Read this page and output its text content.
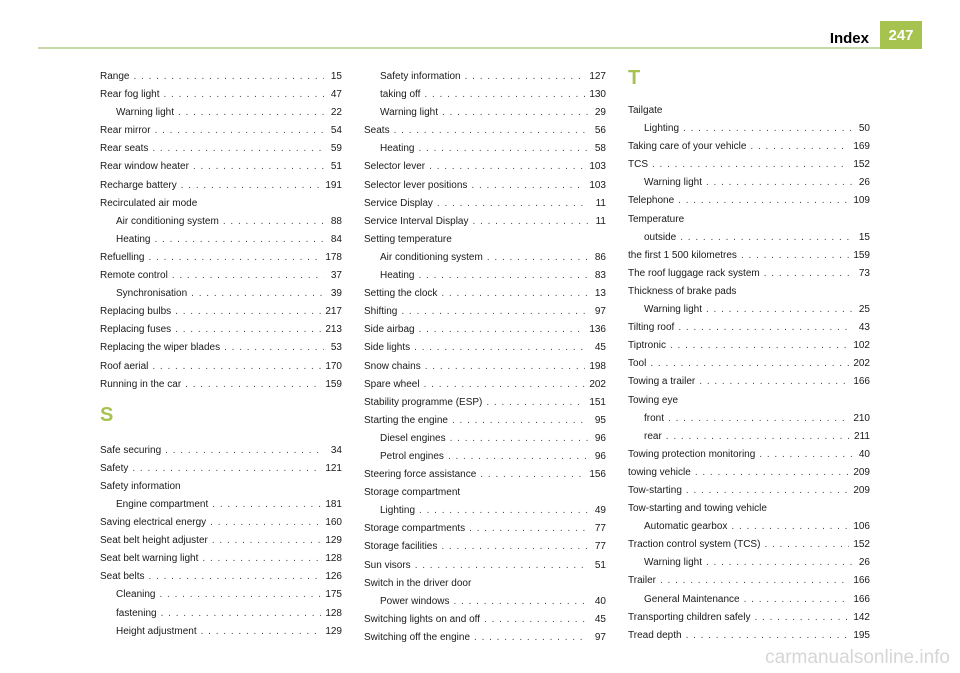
Index 247
Range . . .	15
Rear fog light . . .	47
Warning light . . .	22
Rear mirror . . .	54
Rear seats . . .	59
Rear window heater . . .	51
Recharge battery . . .	191
Recirculated air mode
Air conditioning system . . .	88
Heating . . .	84
Refuelling . . .	178
Remote control . . .	37
Synchronisation . . .	39
Replacing bulbs . . .	217
Replacing fuses . . .	213
Replacing the wiper blades . . .	53
Roof aerial . . .	170
Running in the car . . .	159
S
Safe securing . . .	34
Safety . . .	121
Safety information
Engine compartment . . .	181
Saving electrical energy . . .	160
Seat belt height adjuster . . .	129
Seat belt warning light . . .	128
Seat belts . . .	126
Cleaning . . .	175
fastening . . .	128
Height adjustment . . .	129
Safety information . . .	127
taking off . . .	130
Warning light . . .	29
Seats . . .	56
Heating . . .	58
Selector lever . . .	103
Selector lever positions . . .	103
Service Display . . .	11
Service Interval Display . . .	11
Setting temperature
Air conditioning system . . .	86
Heating . . .	83
Setting the clock . . .	13
Shifting . . .	97
Side airbag . . .	136
Side lights . . .	45
Snow chains . . .	198
Spare wheel . . .	202
Stability programme (ESP) . . .	151
Starting the engine . . .	95
Diesel engines . . .	96
Petrol engines . . .	96
Steering force assistance . . .	156
Storage compartment
Lighting . . .	49
Storage compartments . . .	77
Storage facilities . . .	77
Sun visors . . .	51
Switch in the driver door
Power windows . . .	40
Switching lights on and off . . .	45
Switching off the engine . . .	97
T
Tailgate
Lighting . . .	50
Taking care of your vehicle . . .	169
TCS . . .	152
Warning light . . .	26
Telephone . . .	109
Temperature
outside . . .	15
the first 1 500 kilometres . . .	159
The roof luggage rack system . . .	73
Thickness of brake pads
Warning light . . .	25
Tilting roof . . .	43
Tiptronic . . .	102
Tool . . .	202
Towing a trailer . . .	166
Towing eye
front . . .	210
rear . . .	211
Towing protection monitoring . . .	40
towing vehicle . . .	209
Tow-starting . . .	209
Tow-starting and towing vehicle
Automatic gearbox . . .	106
Traction control system (TCS) . . .	152
Warning light . . .	26
Trailer . . .	166
General Maintenance . . .	166
Transporting children safely . . .	142
Tread depth . . .	195
carmanualsonline.info
